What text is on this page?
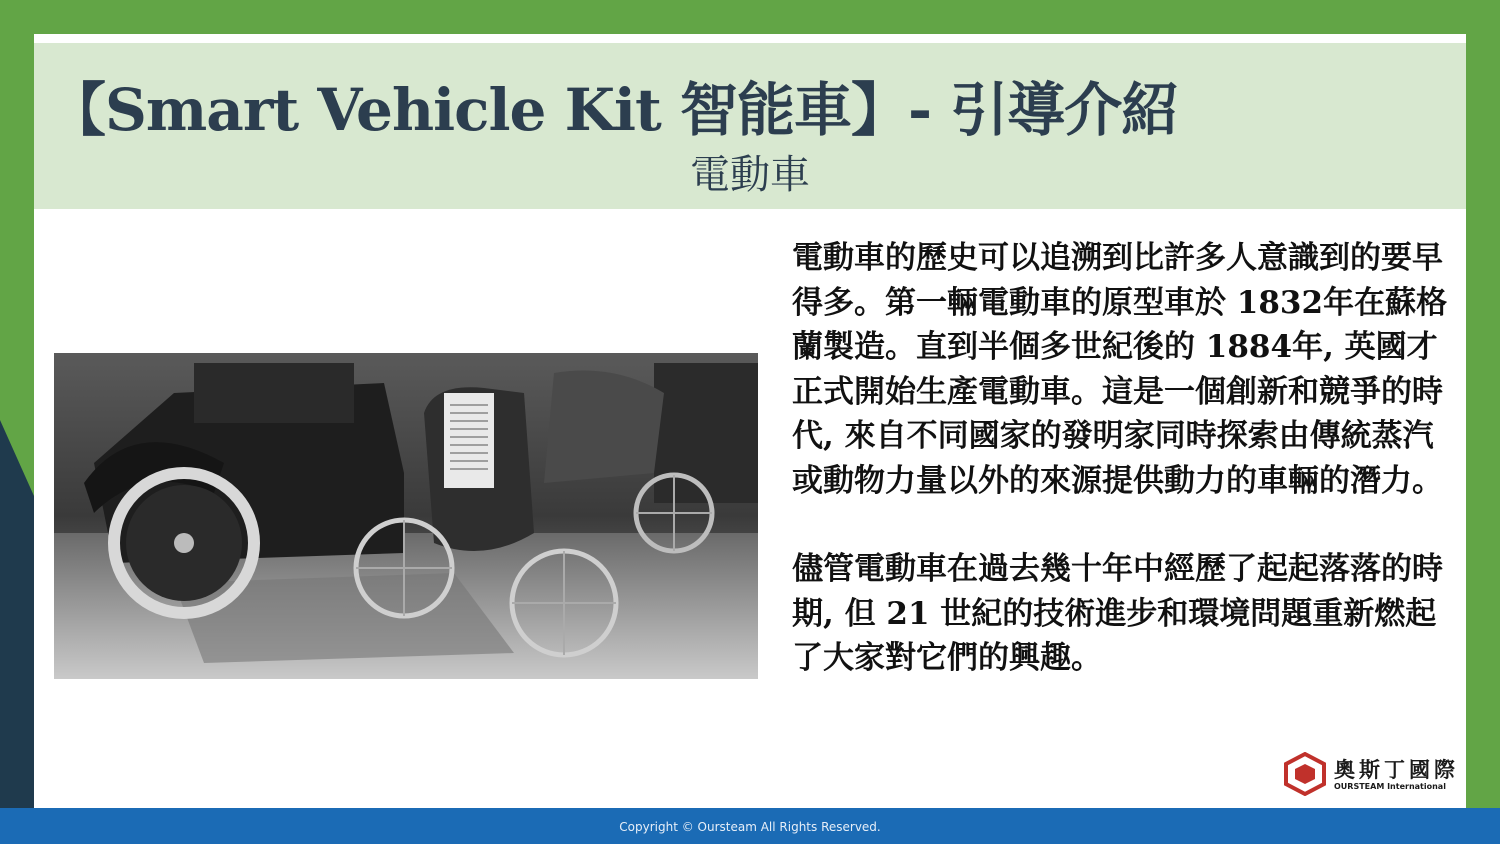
【Smart Vehicle Kit 智能車】- 引導介紹
電動車

電動車的歷史可以追溯到比許多人意識到的要早得多。第一輛電動車的原型車於 1832年在蘇格蘭製造。直到半個多世紀後的 1884年, 英國才正式開始生產電動車。這是一個創新和競爭的時代, 來自不同國家的發明家同時探索由傳統蒸汽或動物力量以外的來源提供動力的車輛的潛力。

儘管電動車在過去幾十年中經歷了起起落落的時期, 但 21 世紀的技術進步和環境問題重新燃起了大家對它們的興趣。

奧斯丁國際
OURSTEAM International
Copyright © Oursteam All Rights Reserved.
